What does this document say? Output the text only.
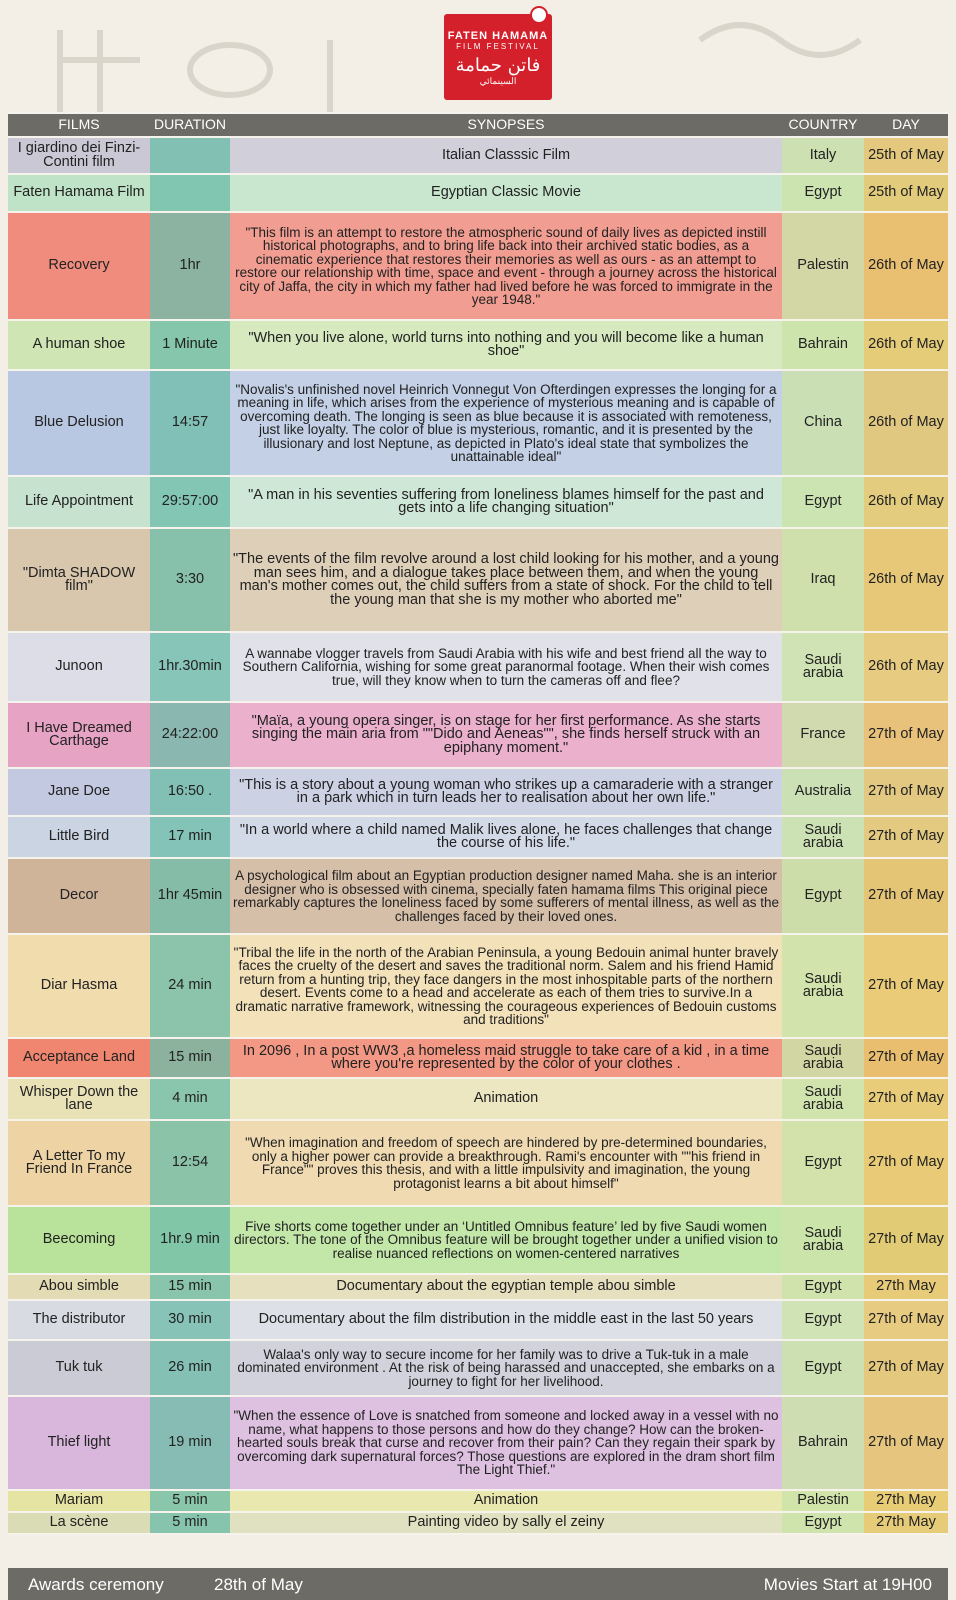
FATEN HAMAMA
FILM FESTIVAL
فاتن حمامة
السينمائي
FILMS	DURATION	SYNOPSES	COUNTRY	DAY
I giardino dei Finzi-Contini film		Italian Classsic Film	Italy	25th of May
Faten Hamama Film		Egyptian Classic Movie	Egypt	25th of May
Recovery	1hr	"This film is an attempt to restore the atmospheric sound of daily lives as depicted instill historical photographs, and to bring life back into their archived static bodies, as a cinematic experience that restores their memories as well as ours - as an attempt to restore our relationship with time, space and event - through a journey across the historical city of Jaffa, the city in which my father had lived before he was forced to immigrate in the year 1948."	Palestin	26th of May
A human shoe	1 Minute	"When you live alone, world turns into nothing and you will become like a human shoe"	Bahrain	26th of May
Blue Delusion	14:57	"Novalis's unfinished novel Heinrich Vonnegut Von Ofterdingen expresses the longing for a meaning in life, which arises from the experience of mysterious meaning and is capable of overcoming death. The longing is seen as blue because it is associated with remoteness, just like loyalty. The color of blue is mysterious, romantic, and it is presented by the illusionary and lost Neptune, as depicted in Plato's ideal state that symbolizes the unattainable ideal"	China	26th of May
Life Appointment	29:57:00	"A man in his seventies suffering from loneliness blames himself for the past and gets into a life changing situation"	Egypt	26th of May
"Dimta SHADOW film"	3:30	"The events of the film revolve around a lost child looking for his mother, and a young man sees him, and a dialogue takes place between them, and when the young man's mother comes out, the child suffers from a state of shock. For the child to tell the young man that she is my mother who aborted me"	Iraq	26th of May
Junoon	1hr.30min	A wannabe vlogger travels from Saudi Arabia with his wife and best friend all the way to Southern California, wishing for some great paranormal footage. When their wish comes true, will they know when to turn the cameras off and flee?	Saudi arabia	26th of May
I Have Dreamed Carthage	24:22:00	"Maïa, a young opera singer, is on stage for her first performance. As she starts singing the main aria from ""Dido and Aeneas"", she finds herself struck with an epiphany moment."	France	27th of May
Jane Doe	16:50 .	"This is a story about a young woman who strikes up a camaraderie with a stranger in a park which in turn leads her to realisation about her own life."	Australia	27th of May
Little Bird	17 min	"In a world where a child named Malik lives alone, he faces challenges that change the course of his life."	Saudi arabia	27th of May
Decor	1hr 45min	A psychological film about an Egyptian production designer named Maha. she is an interior designer who is obsessed with cinema, specially faten hamama films This original piece remarkably captures the loneliness faced by some sufferers of mental illness, as well as the challenges faced by their loved ones.	Egypt	27th of May
Diar Hasma	24 min	"Tribal the life in the north of the Arabian Peninsula, a young Bedouin animal hunter bravely faces the cruelty of the desert and saves the traditional norm. Salem and his friend Hamid return from a hunting trip, they face dangers in the most inhospitable parts of the northern desert. Events come to a head and accelerate as each of them tries to survive.In a dramatic narrative framework, witnessing the courageous experiences of Bedouin customs and traditions"	Saudi arabia	27th of May
Acceptance Land	15 min	In 2096 , In a post WW3 ,a homeless maid struggle to take care of a kid , in a time where you're represented by the color of your clothes .	Saudi arabia	27th of May
Whisper Down the lane	4 min	Animation	Saudi arabia	27th of May
A Letter To my Friend In France	12:54	"When imagination and freedom of speech are hindered by pre-determined boundaries, only a higher power can provide a breakthrough. Rami's encounter with ""his friend in France"" proves this thesis, and with a little impulsivity and imagination, the young protagonist learns a bit about himself"	Egypt	27th of May
Beecoming	1hr.9 min	Five shorts come together under an ‘Untitled Omnibus feature’ led by five Saudi women directors. The tone of the Omnibus feature will be brought together under a unified vision to realise nuanced reflections on women-centered narratives	Saudi arabia	27th of May
Abou simble	15 min	Documentary about the egyptian temple abou simble	Egypt	27th May
The distributor	30 min	Documentary about the film distribution in the middle east in the last 50 years	Egypt	27th of May
Tuk tuk	26 min	Walaa's only way to secure income for her family was to drive a Tuk-tuk in a male dominated environment . At the risk of being harassed and unaccepted, she embarks on a journey to fight for her livelihood.	Egypt	27th of May
Thief light	19 min	"When the essence of Love is snatched from someone and locked away in a vessel with no name, what happens to those persons and how do they change? How can the broken-hearted souls break that curse and recover from their pain? Can they regain their spark by overcoming dark supernatural forces? Those questions are explored in the dram short film The Light Thief."	Bahrain	27th of May
Mariam	5 min	Animation	Palestin	27th May
La scène	5 min	Painting video by sally el zeiny	Egypt	27th May
Awards ceremony	28th of May	Movies Start at 19H00
